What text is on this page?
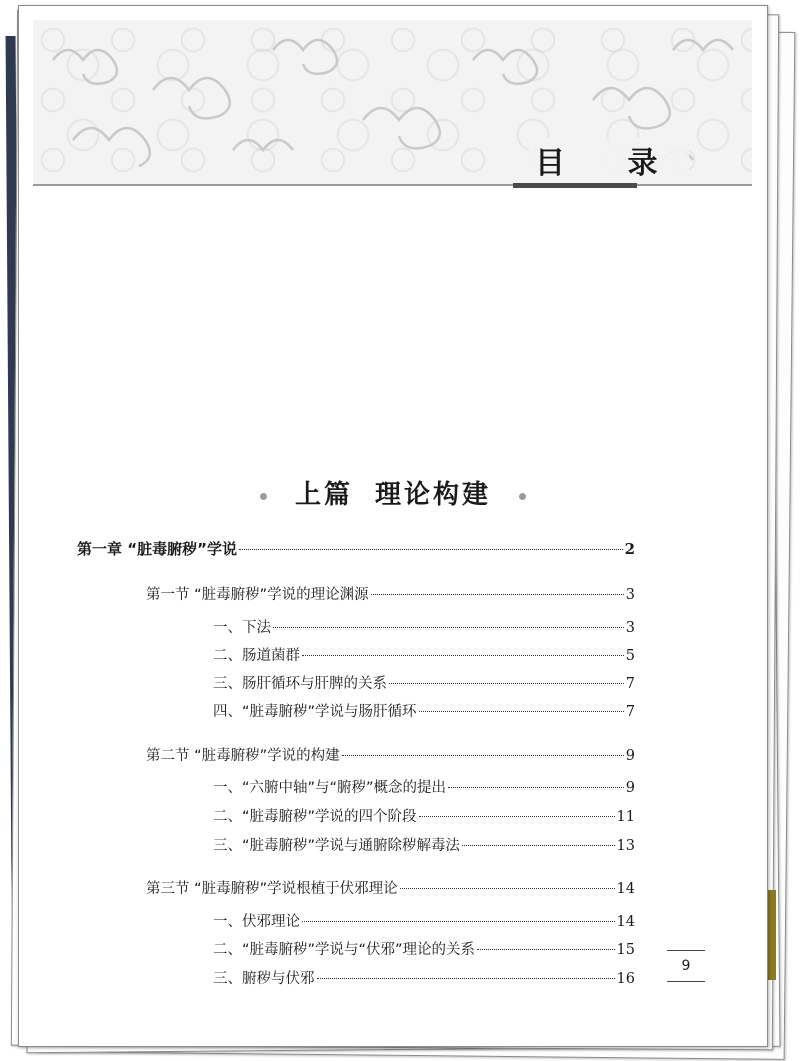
目 录
上篇 理论构建
第一章 “脏毒腑秽”学说	2
第一节 “脏毒腑秽”学说的理论渊源	3
一、下法	3
二、肠道菌群	5
三、肠肝循环与肝脾的关系	7
四、“脏毒腑秽”学说与肠肝循环	7
第二节 “脏毒腑秽”学说的构建	9
一、“六腑中轴”与“腑秽”概念的提出	9
二、“脏毒腑秽”学说的四个阶段	11
三、“脏毒腑秽”学说与通腑除秽解毒法	13
第三节 “脏毒腑秽”学说根植于伏邪理论	14
一、伏邪理论	14
二、“脏毒腑秽”学说与“伏邪”理论的关系	15
三、腑秽与伏邪	16
9
